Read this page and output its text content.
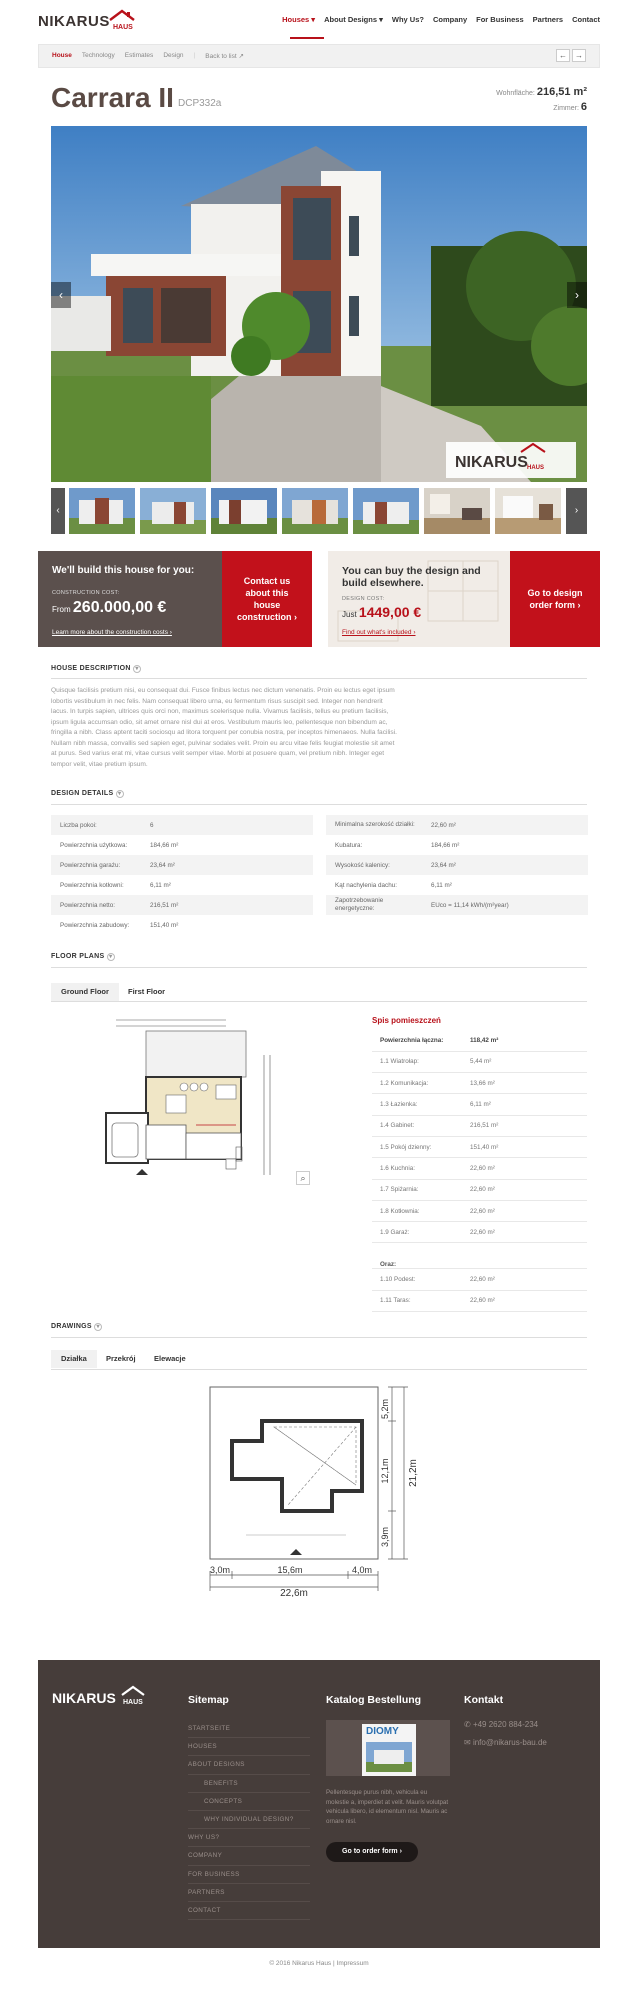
NIKARUS HAUS
Houses ▾ About Designs ▾ Why Us? Company For Business Partners Contact
House Technology Estimates Design | Back to list ↗	←	→
Carrara II DCP332a
Wohnfläche: 216,51 m²
Zimmer: 6
NIKARUS HAUS
‹	›
‹	›
We'll build this house for you:
CONSTRUCTION COST:
From 260.000,00 €
Learn more about the construction costs ›
Contact us about this house construction ›
You can buy the design and build elsewhere.
DESIGN COST:
Just 1449,00 €
Find out what's included ›
Go to design order form ›
HOUSE DESCRIPTION ▾
Quisque facilisis pretium nisi, eu consequat dui. Fusce finibus lectus nec dictum venenatis. Proin eu lectus eget ipsum lobortis vestibulum in nec felis. Nam consequat libero urna, eu fermentum risus suscipit sed. Integer non hendrerit lacus. In turpis sapien, ultrices quis orci non, maximus scelerisque nulla. Vivamus facilisis, tellus eu pretium facilisis, ipsum ligula accumsan odio, sit amet ornare nisl dui at eros. Vestibulum mauris leo, pellentesque non bibendum ac, fringilla a nibh. Class aptent taciti sociosqu ad litora torquent per conubia nostra, per inceptos himenaeos. Nulla facilisi. Nullam nibh massa, convallis sed sapien eget, pulvinar sodales velit. Proin eu arcu vitae felis feugiat molestie sit amet at purus. Sed varius erat mi, vitae cursus velit semper vitae. Morbi at posuere quam, vel pretium nibh. Integer eget tempor velit, vitae pretium ipsum.
DESIGN DETAILS ▾
Liczba pokoi:	6
Powierzchnia użytkowa:	184,66 m²
Powierzchnia garażu:	23,64 m²
Powierzchnia kotłowni:	6,11 m²
Powierzchnia netto:	216,51 m²
Powierzchnia zabudowy:	151,40 m²
Minimalna szerokość działki:	22,60 m²
Kubatura:	184,66 m²
Wysokość kalenicy:	23,64 m²
Kąt nachylenia dachu:	6,11 m²
Zapotrzebowanie energetyczne:	EUco = 11,14 kWh/(m²year)
FLOOR PLANS ▾
Ground Floor	First Floor
⌕
Spis pomieszczeń
Powierzchnia łączna:	118,42 m²
1.1 Wiatrołap:	5,44 m²
1.2 Komunikacja:	13,66 m²
1.3 Łazienka:	6,11 m²
1.4 Gabinet:	216,51 m²
1.5 Pokój dzienny:	151,40 m²
1.6 Kuchnia:	22,60 m²
1.7 Spiżarnia:	22,60 m²
1.8 Kotłownia:	22,60 m²
1.9 Garaż:	22,60 m²
Oraz:	
1.10 Podest:	22,60 m²
1.11 Taras:	22,60 m²
DRAWINGS ▾
Działka	Przekrój	Elewacje
5,2m
12,1m
3,9m
21,2m
3,0m	15,6m	4,0m
22,6m
NIKARUS HAUS	Sitemap
STARTSEITE
HOUSES
ABOUT DESIGNS
BENEFITS
CONCEPTS
WHY INDIVIDUAL DESIGN?
WHY US?
COMPANY
FOR BUSINESS
PARTNERS
CONTACT
Katalog Bestellung
DIOMY
Pellentesque purus nibh, vehicula eu molestie a, imperdiet at velit. Mauris volutpat vehicula libero, id elementum nisl. Mauris ac ornare nisl.
Go to order form ›
Kontakt
✆ +49 2620 884-234
✉ info@nikarus-bau.de
© 2016 Nikarus Haus | Impressum
